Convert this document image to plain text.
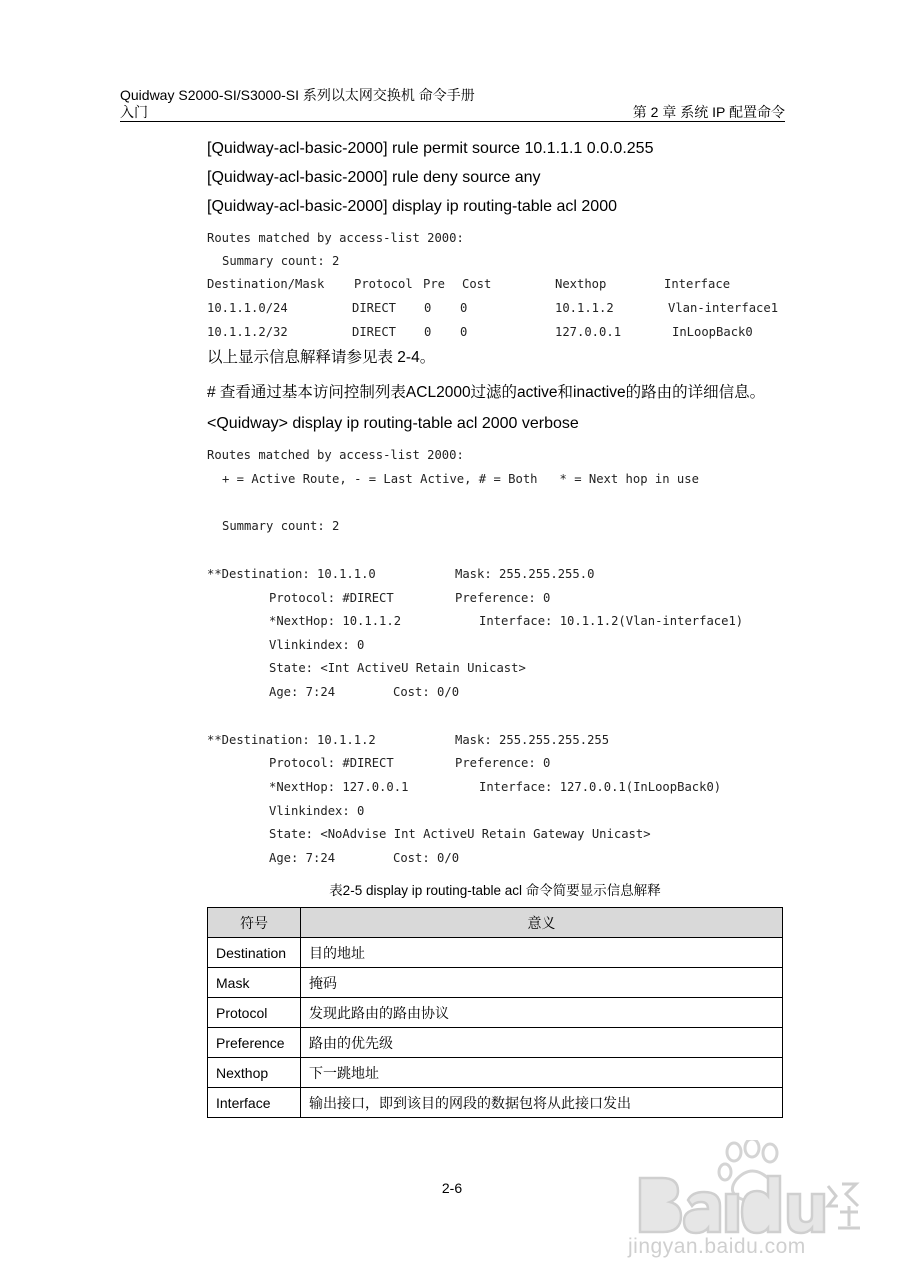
Quidway S2000-SI/S3000-SI 系列以太网交换机 命令手册
入门	第 2 章 系统 IP 配置命令
[Quidway-acl-basic-2000] rule permit source 10.1.1.1 0.0.0.255
[Quidway-acl-basic-2000] rule deny source any
[Quidway-acl-basic-2000] display ip routing-table acl 2000
Routes matched by access-list 2000:
Summary count: 2
Destination/Mask Protocol Pre Cost	Nexthop	Interface
10.1.1.0/24	DIRECT 0 0	10.1.1.2	Vlan-interface1
10.1.1.2/32	DIRECT 0 0	127.0.0.1	InLoopBack0
以上显示信息解释请参见表 2-4。
# 查看通过基本访问控制列表ACL2000过滤的active和inactive的路由的详细信息。
<Quidway> display ip routing-table acl 2000 verbose
Routes matched by access-list 2000:
+ = Active Route, - = Last Active, # = Both   * = Next hop in use
Summary count: 2
**Destination: 10.1.1.0	Mask: 255.255.255.0
Protocol: #DIRECT	Preference: 0
*NextHop: 10.1.1.2	Interface: 10.1.1.2(Vlan-interface1)
Vlinkindex: 0
State: <Int ActiveU Retain Unicast>
Age: 7:24	Cost: 0/0
**Destination: 10.1.1.2	Mask: 255.255.255.255
Protocol: #DIRECT	Preference: 0
*NextHop: 127.0.0.1	Interface: 127.0.0.1(InLoopBack0)
Vlinkindex: 0
State: <NoAdvise Int ActiveU Retain Gateway Unicast>
Age: 7:24	Cost: 0/0
表2-5 display ip routing-table acl 命令简要显示信息解释
符号	意义
Destination	目的地址
Mask	掩码
Protocol	发现此路由的路由协议
Preference	路由的优先级
Nexthop	下一跳地址
Interface	输出接口，即到该目的网段的数据包将从此接口发出
2-6
jingyan.baidu.com
